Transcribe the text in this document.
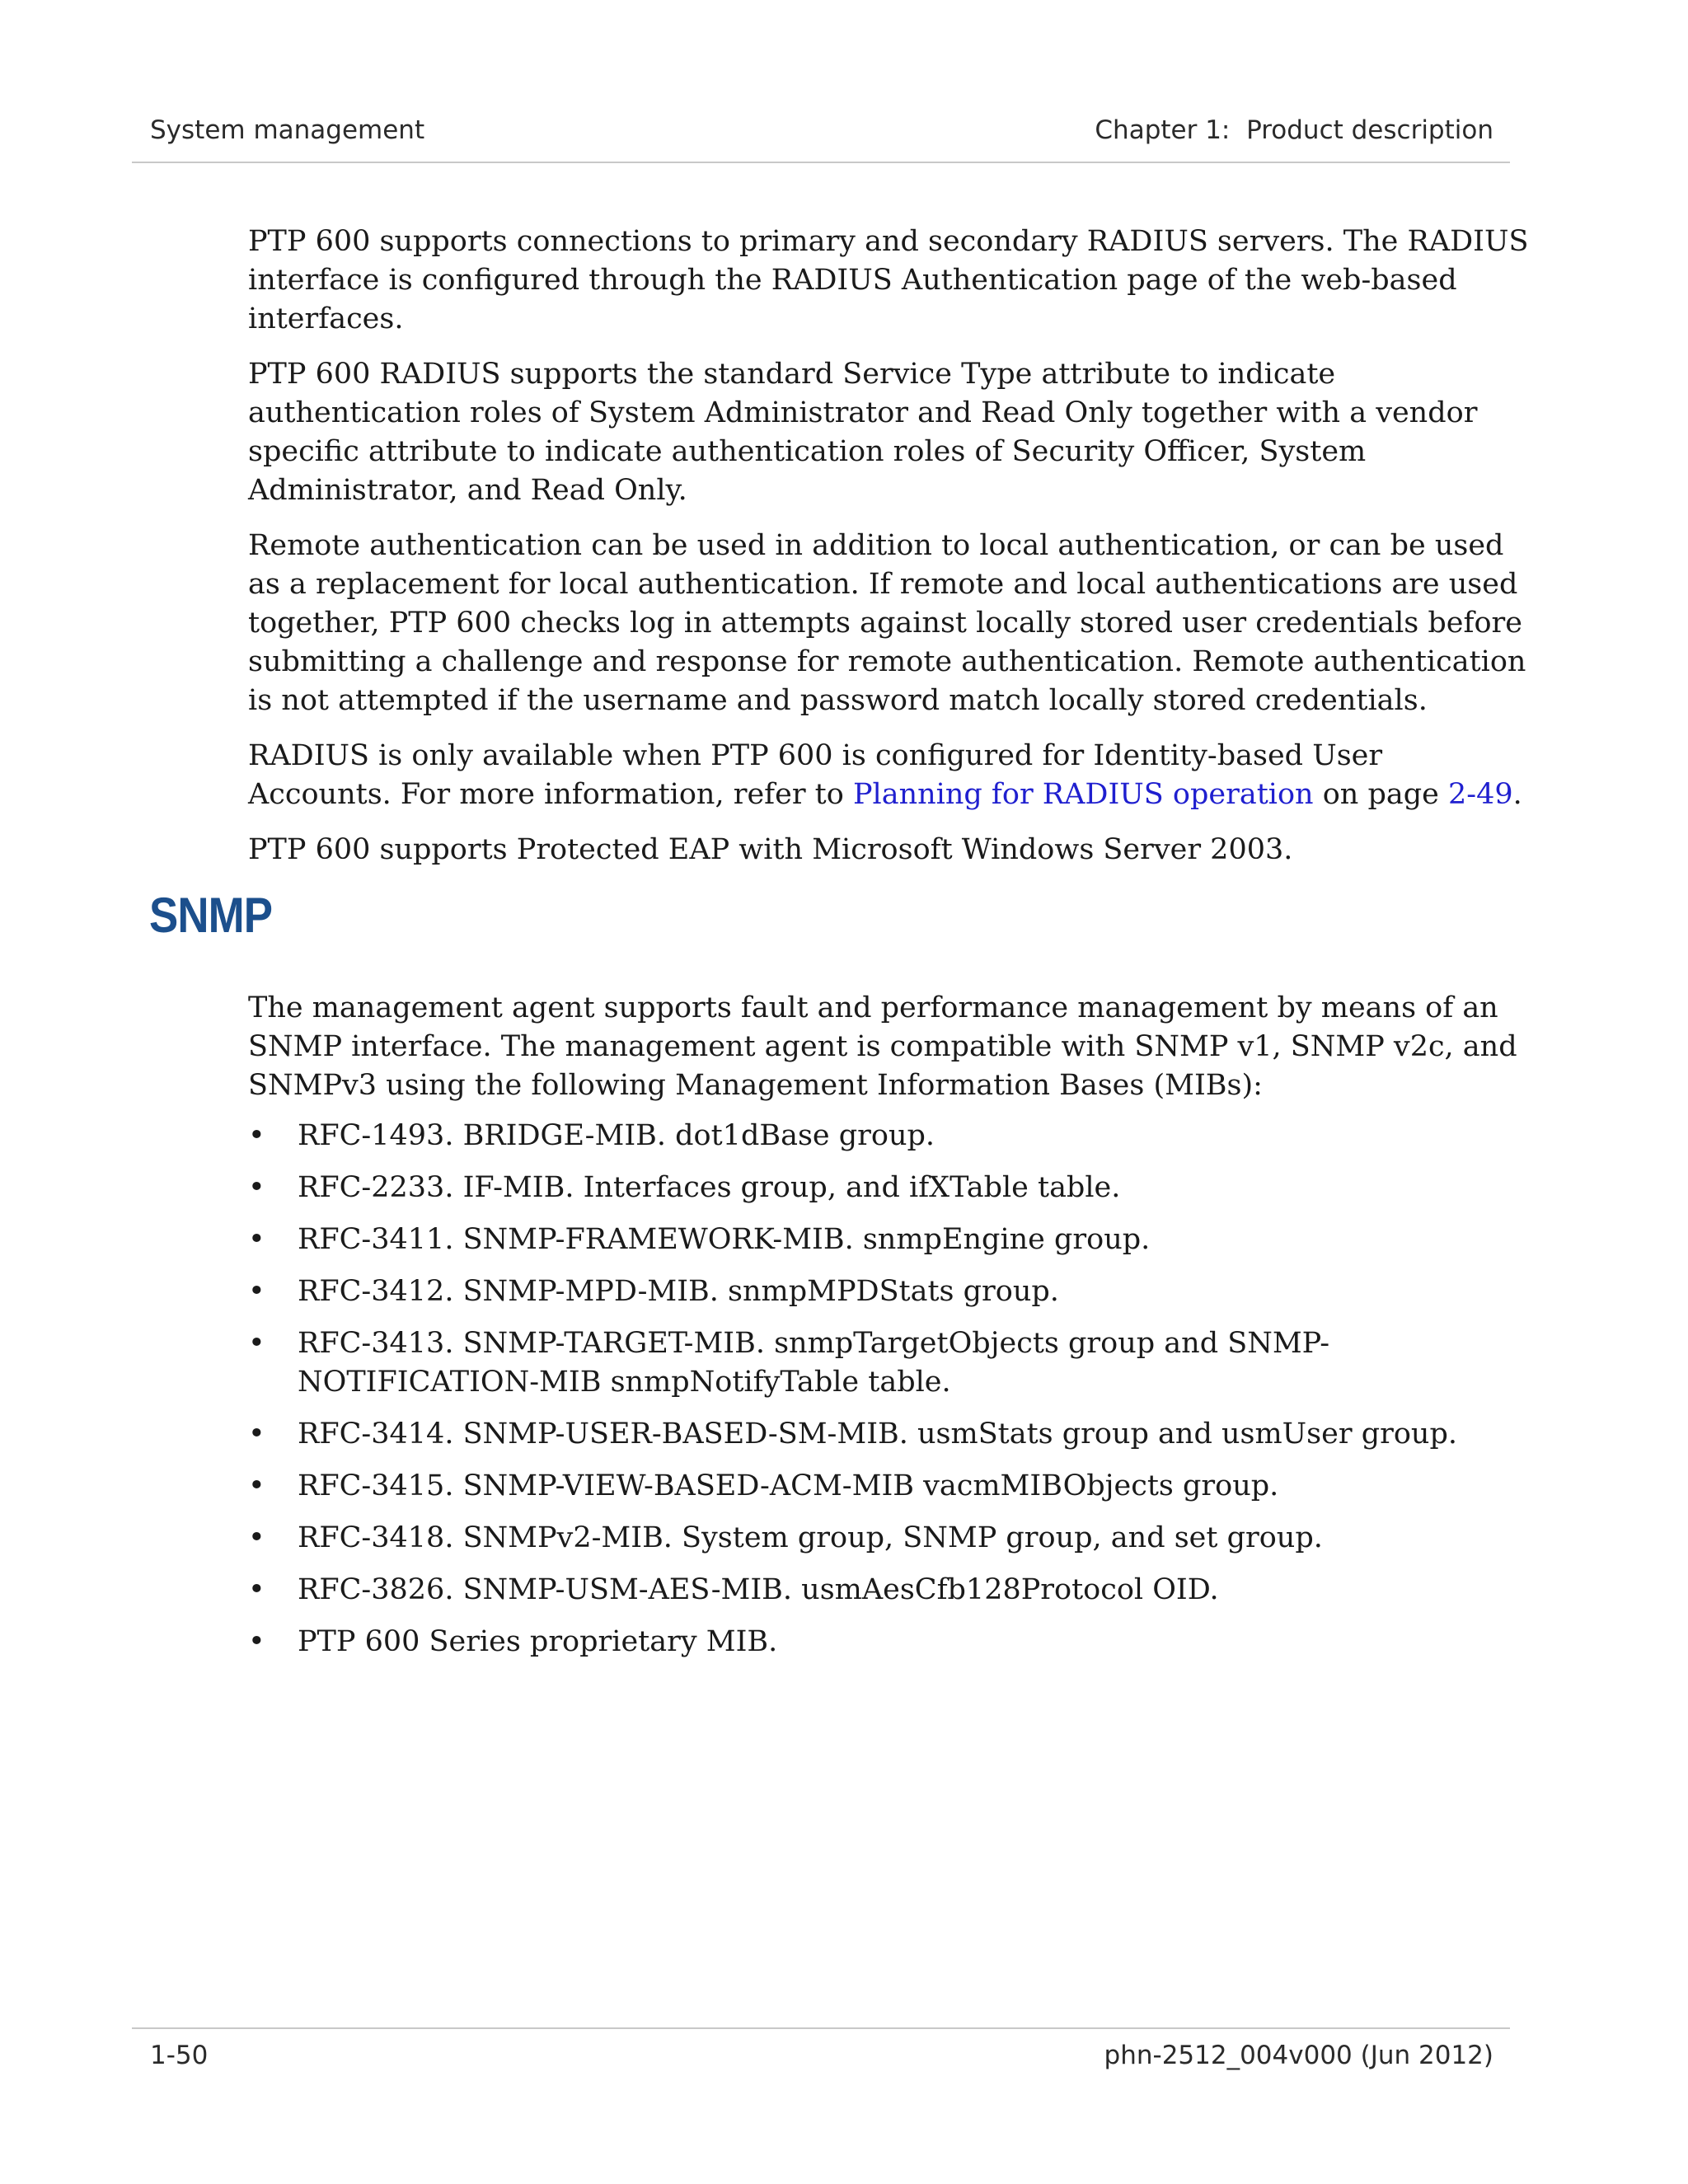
System management	Chapter 1:  Product description

PTP 600 supports connections to primary and secondary RADIUS servers. The RADIUS interface is configured through the RADIUS Authentication page of the web-based interfaces.

PTP 600 RADIUS supports the standard Service Type attribute to indicate authentication roles of System Administrator and Read Only together with a vendor specific attribute to indicate authentication roles of Security Officer, System Administrator, and Read Only.

Remote authentication can be used in addition to local authentication, or can be used as a replacement for local authentication. If remote and local authentications are used together, PTP 600 checks log in attempts against locally stored user credentials before submitting a challenge and response for remote authentication. Remote authentication is not attempted if the username and password match locally stored credentials.

RADIUS is only available when PTP 600 is configured for Identity-based User Accounts. For more information, refer to Planning for RADIUS operation on page 2-49.

PTP 600 supports Protected EAP with Microsoft Windows Server 2003.

SNMP

The management agent supports fault and performance management by means of an SNMP interface. The management agent is compatible with SNMP v1, SNMP v2c, and SNMPv3 using the following Management Information Bases (MIBs):

• RFC-1493. BRIDGE-MIB. dot1dBase group.
• RFC-2233. IF-MIB. Interfaces group, and ifXTable table.
• RFC-3411. SNMP-FRAMEWORK-MIB. snmpEngine group.
• RFC-3412. SNMP-MPD-MIB. snmpMPDStats group.
• RFC-3413. SNMP-TARGET-MIB. snmpTargetObjects group and SNMP-NOTIFICATION-MIB snmpNotifyTable table.
• RFC-3414. SNMP-USER-BASED-SM-MIB. usmStats group and usmUser group.
• RFC-3415. SNMP-VIEW-BASED-ACM-MIB vacmMIBObjects group.
• RFC-3418. SNMPv2-MIB. System group, SNMP group, and set group.
• RFC-3826. SNMP-USM-AES-MIB. usmAesCfb128Protocol OID.
• PTP 600 Series proprietary MIB.
1-50	phn-2512_004v000 (Jun 2012)
